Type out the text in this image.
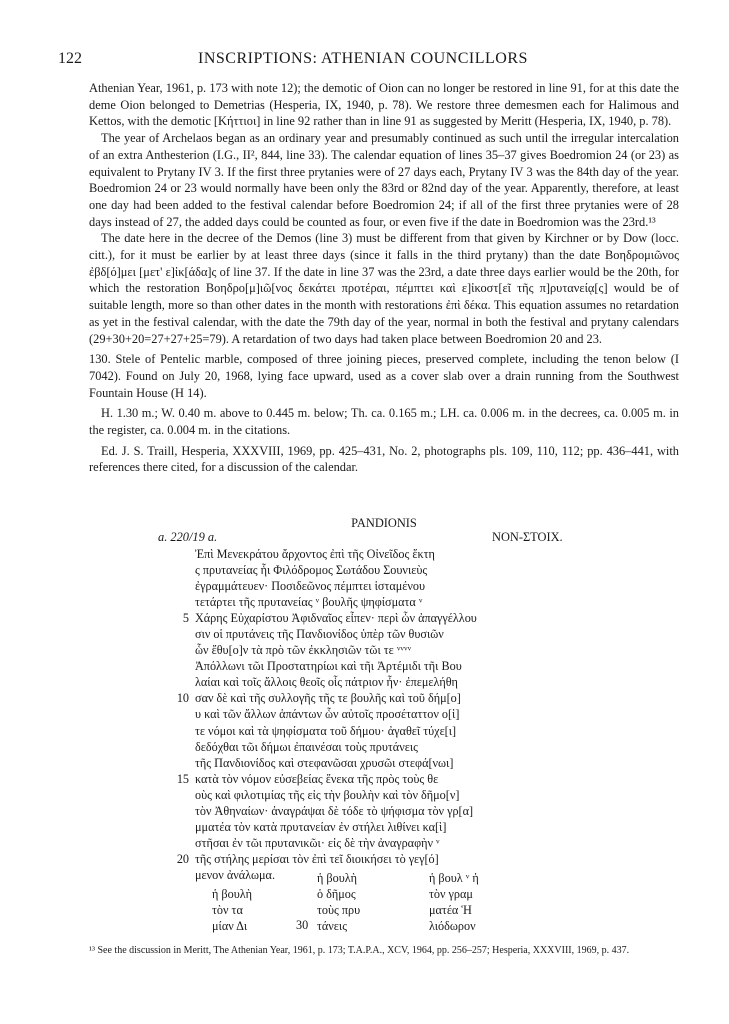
122	INSCRIPTIONS: ATHENIAN COUNCILLORS

Athenian Year, 1961, p. 173 with note 12); the demotic of Oion can no longer be restored in line 91, for at this date the deme Oion belonged to Demetrias (Hesperia, IX, 1940, p. 78). We restore three demesmen each for Halimous and Kettos, with the demotic [Κήττιοι] in line 92 rather than in line 91 as suggested by Meritt (Hesperia, IX, 1940, p. 78).

The year of Archelaos began as an ordinary year and presumably continued as such until the irregular intercalation of an extra Anthesterion (I.G., II², 844, line 33). The calendar equation of lines 35–37 gives Boedromion 24 (or 23) as equivalent to Prytany IV 3. If the first three prytanies were of 27 days each, Prytany IV 3 was the 84th day of the year. Boedromion 24 or 23 would normally have been only the 83rd or 82nd day of the year. Apparently, therefore, at least one day had been added to the festival calendar before Boedromion 24; if all of the first three prytanies were of 28 days instead of 27, the added days could be counted as four, or even five if the date in Boedromion was the 23rd.¹³

The date here in the decree of the Demos (line 3) must be different from that given by Kirchner or by Dow (locc. citt.), for it must be earlier by at least three days (since it falls in the third prytany) than the date Βοηδρομιῶνος ἐβδ[ό]μει [μετ' ε]ἰκ[άδα]ς of line 37. If the date in line 37 was the 23rd, a date three days earlier would be the 20th, for which the restoration Βοηδρο[μ]ιῶ[νος δεκάτει προτέραι, πέμπτει καὶ ε]ἰκοστ[εῖ τῆς π]ρυτανείᾳ[ς] would be of suitable length, more so than other dates in the month with restorations ἐπὶ δέκα. This equation assumes no retardation as yet in the festival calendar, with the date the 79th day of the year, normal in both the festival and prytany calendars (29+30+20=27+27+25=79). A retardation of two days had taken place between Boedromion 20 and 23.

130. Stele of Pentelic marble, composed of three joining pieces, preserved complete, including the tenon below (I 7042). Found on July 20, 1968, lying face upward, used as a cover slab over a drain running from the Southwest Fountain House (H 14).

H. 1.30 m.; W. 0.40 m. above to 0.445 m. below; Th. ca. 0.165 m.; LH. ca. 0.006 m. in the decrees, ca. 0.005 m. in the register, ca. 0.004 m. in the citations.

Ed. J. S. Traill, Hesperia, XXXVIII, 1969, pp. 425–431, No. 2, photographs pls. 109, 110, 112; pp. 436–441, with references there cited, for a discussion of the calendar.

PANDIONIS
a. 220/19 a.	NON-ΣΤΟΙΧ.
Ἐπὶ Μενεκράτου ἄρχοντος ἐπὶ τῆς Οἰνεῖδος ἕκτη
ς πρυτανείας ἧι Φιλόδρομος Σωτάδου Σουνιεὺς
ἐγραμμάτευεν· Ποσιδεῶνος πέμπτει ἱσταμένου
τετάρτει τῆς πρυτανείας ᵛ βουλῆς ψηφίσματα ᵛ
5 Χάρης Εὐχαρίστου Ἀφιδναῖος εἶπεν· περὶ ὧν ἀπαγγέλλου
σιν οἱ πρυτάνεις τῆς Πανδιονίδος ὑπὲρ τῶν θυσιῶν
ὧν ἔθυ[ο]ν τὰ πρὸ τῶν ἐκκλησιῶν τῶι τε ᵛᵛᵛᵛ
Ἀπόλλωνι τῶι Προστατηρίωι καὶ τῆι Ἀρτέμιδι τῆι Βου
λαίαι καὶ τοῖς ἄλλοις θεοῖς οἷς πάτριον ἦν· ἐπεμελήθη
10 σαν δὲ καὶ τῆς συλλογῆς τῆς τε βουλῆς καὶ τοῦ δήμ[ο]
υ καὶ τῶν ἄλλων ἁπάντων ὧν αὐτοῖς προσέταττον ο[ἱ]
τε νόμοι καὶ τὰ ψηφίσματα τοῦ δήμου· ἀγαθεῖ τύχε[ι]
δεδόχθαι τῶι δήμωι ἐπαινέσαι τοὺς πρυτάνεις
τῆς Πανδιονίδος καὶ στεφανῶσαι χρυσῶι στεφά[νωι]
15 κατὰ τὸν νόμον εὐσεβείας ἕνεκα τῆς πρὸς τοὺς θε
οὺς καὶ φιλοτιμίας τῆς εἰς τὴν βουλὴν καὶ τὸν δῆμο[ν]
τὸν Ἀθηναίων· ἀναγράψαι δὲ τόδε τὸ ψήφισμα τὸν γρ[α]
μματέα τὸν κατὰ πρυτανείαν ἐν στήλει λιθίνει κα[ὶ]
στῆσαι ἐν τῶι πρυτανικῶι· εἰς δὲ τὴν ἀναγραφὴν ᵛ
20 τῆς στήλης μερίσαι τὸν ἐπὶ τεῖ διοικήσει τὸ γεγ[ό]
μενον ἀνάλωμα.
ἡ βουλὴ
τὸν τα
μίαν Δι
ἡ βουλὴ
ὁ δῆμος
τοὺς πρυ
τάνεις
ἡ βουλ ᵛ ἡ
τὸν γραμ
ματέα Ἡ
λιόδωρον
30
¹³ See the discussion in Meritt, The Athenian Year, 1961, p. 173; T.A.P.A., XCV, 1964, pp. 256–257; Hesperia, XXXVIII, 1969, p. 437.
